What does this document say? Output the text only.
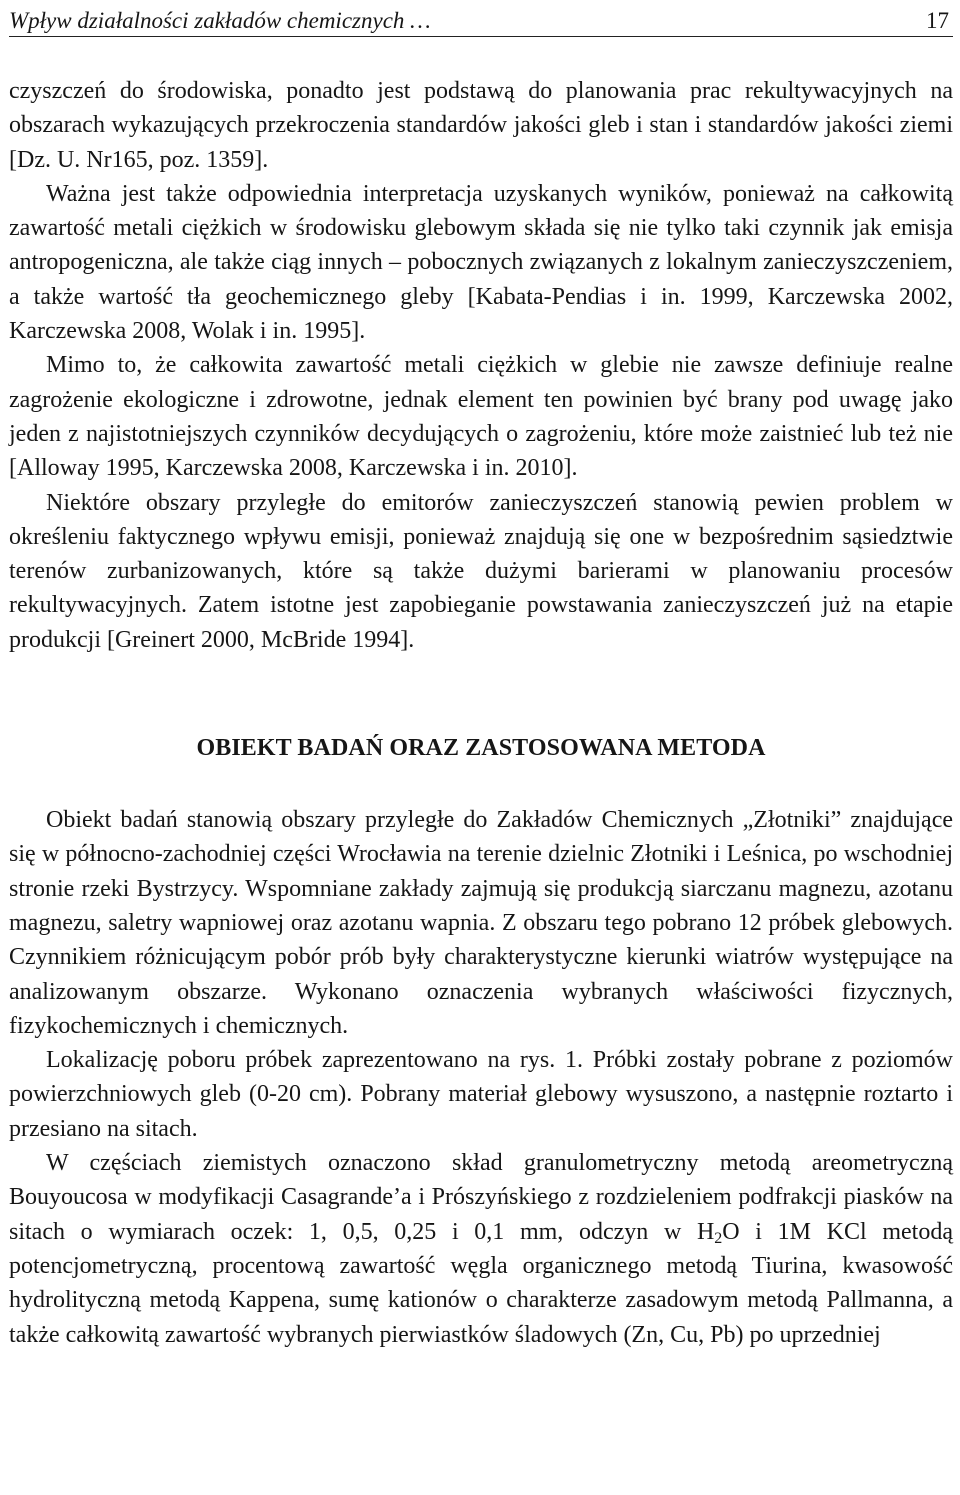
Wpływ działalności zakładów chemicznych …	17

czyszczeń do środowiska, ponadto jest podstawą do planowania prac rekultywacyjnych na obszarach wykazujących przekroczenia standardów jakości gleb i stan i standardów jakości ziemi [Dz. U. Nr165, poz. 1359].

Ważna jest także odpowiednia interpretacja uzyskanych wyników, ponieważ na całkowitą zawartość metali ciężkich w środowisku glebowym składa się nie tylko taki czynnik jak emisja antropogeniczna, ale także ciąg innych – pobocznych związanych z lokalnym zanieczyszczeniem, a także wartość tła geochemicznego gleby [Kabata-Pendias i in. 1999, Karczewska 2002, Karczewska 2008, Wolak i in. 1995].

Mimo to, że całkowita zawartość metali ciężkich w glebie nie zawsze definiuje realne zagrożenie ekologiczne i zdrowotne, jednak element ten powinien być brany pod uwagę jako jeden z najistotniejszych czynników decydujących o zagrożeniu, które może zaistnieć lub też nie [Alloway 1995, Karczewska 2008, Karczewska i in. 2010].

Niektóre obszary przyległe do emitorów zanieczyszczeń stanowią pewien problem w określeniu faktycznego wpływu emisji, ponieważ znajdują się one w bezpośrednim sąsiedztwie terenów zurbanizowanych, które są także dużymi barierami w planowaniu procesów rekultywacyjnych. Zatem istotne jest zapobieganie powstawania zanieczyszczeń już na etapie produkcji [Greinert 2000, McBride 1994].

OBIEKT BADAŃ ORAZ ZASTOSOWANA METODA

Obiekt badań stanowią obszary przyległe do Zakładów Chemicznych „Złotniki” znajdujące się w północno-zachodniej części Wrocławia na terenie dzielnic Złotniki i Leśnica, po wschodniej stronie rzeki Bystrzycy. Wspomniane zakłady zajmują się produkcją siarczanu magnezu, azotanu magnezu, saletry wapniowej oraz azotanu wapnia. Z obszaru tego pobrano 12 próbek glebowych. Czynnikiem różnicującym pobór prób były charakterystyczne kierunki wiatrów występujące na analizowanym obszarze. Wykonano oznaczenia wybranych właściwości fizycznych, fizykochemicznych i chemicznych.

Lokalizację poboru próbek zaprezentowano na rys. 1. Próbki zostały pobrane z poziomów powierzchniowych gleb (0-20 cm). Pobrany materiał glebowy wysuszono, a następnie roztarto i przesiano na sitach.

W częściach ziemistych oznaczono skład granulometryczny metodą areometryczną Bouyoucosa w modyfikacji Casagrande’a i Prószyńskiego z rozdzieleniem podfrakcji piasków na sitach o wymiarach oczek: 1, 0,5, 0,25 i 0,1 mm, odczyn w $H_2O$ i 1M KCl metodą potencjometryczną, procentową zawartość węgla organicznego metodą Tiurina, kwasowość hydrolityczną metodą Kappena, sumę kationów o charakterze zasadowym metodą Pallmanna, a także całkowitą zawartość wybranych pierwiastków śladowych (Zn, Cu, Pb) po uprzedniej
